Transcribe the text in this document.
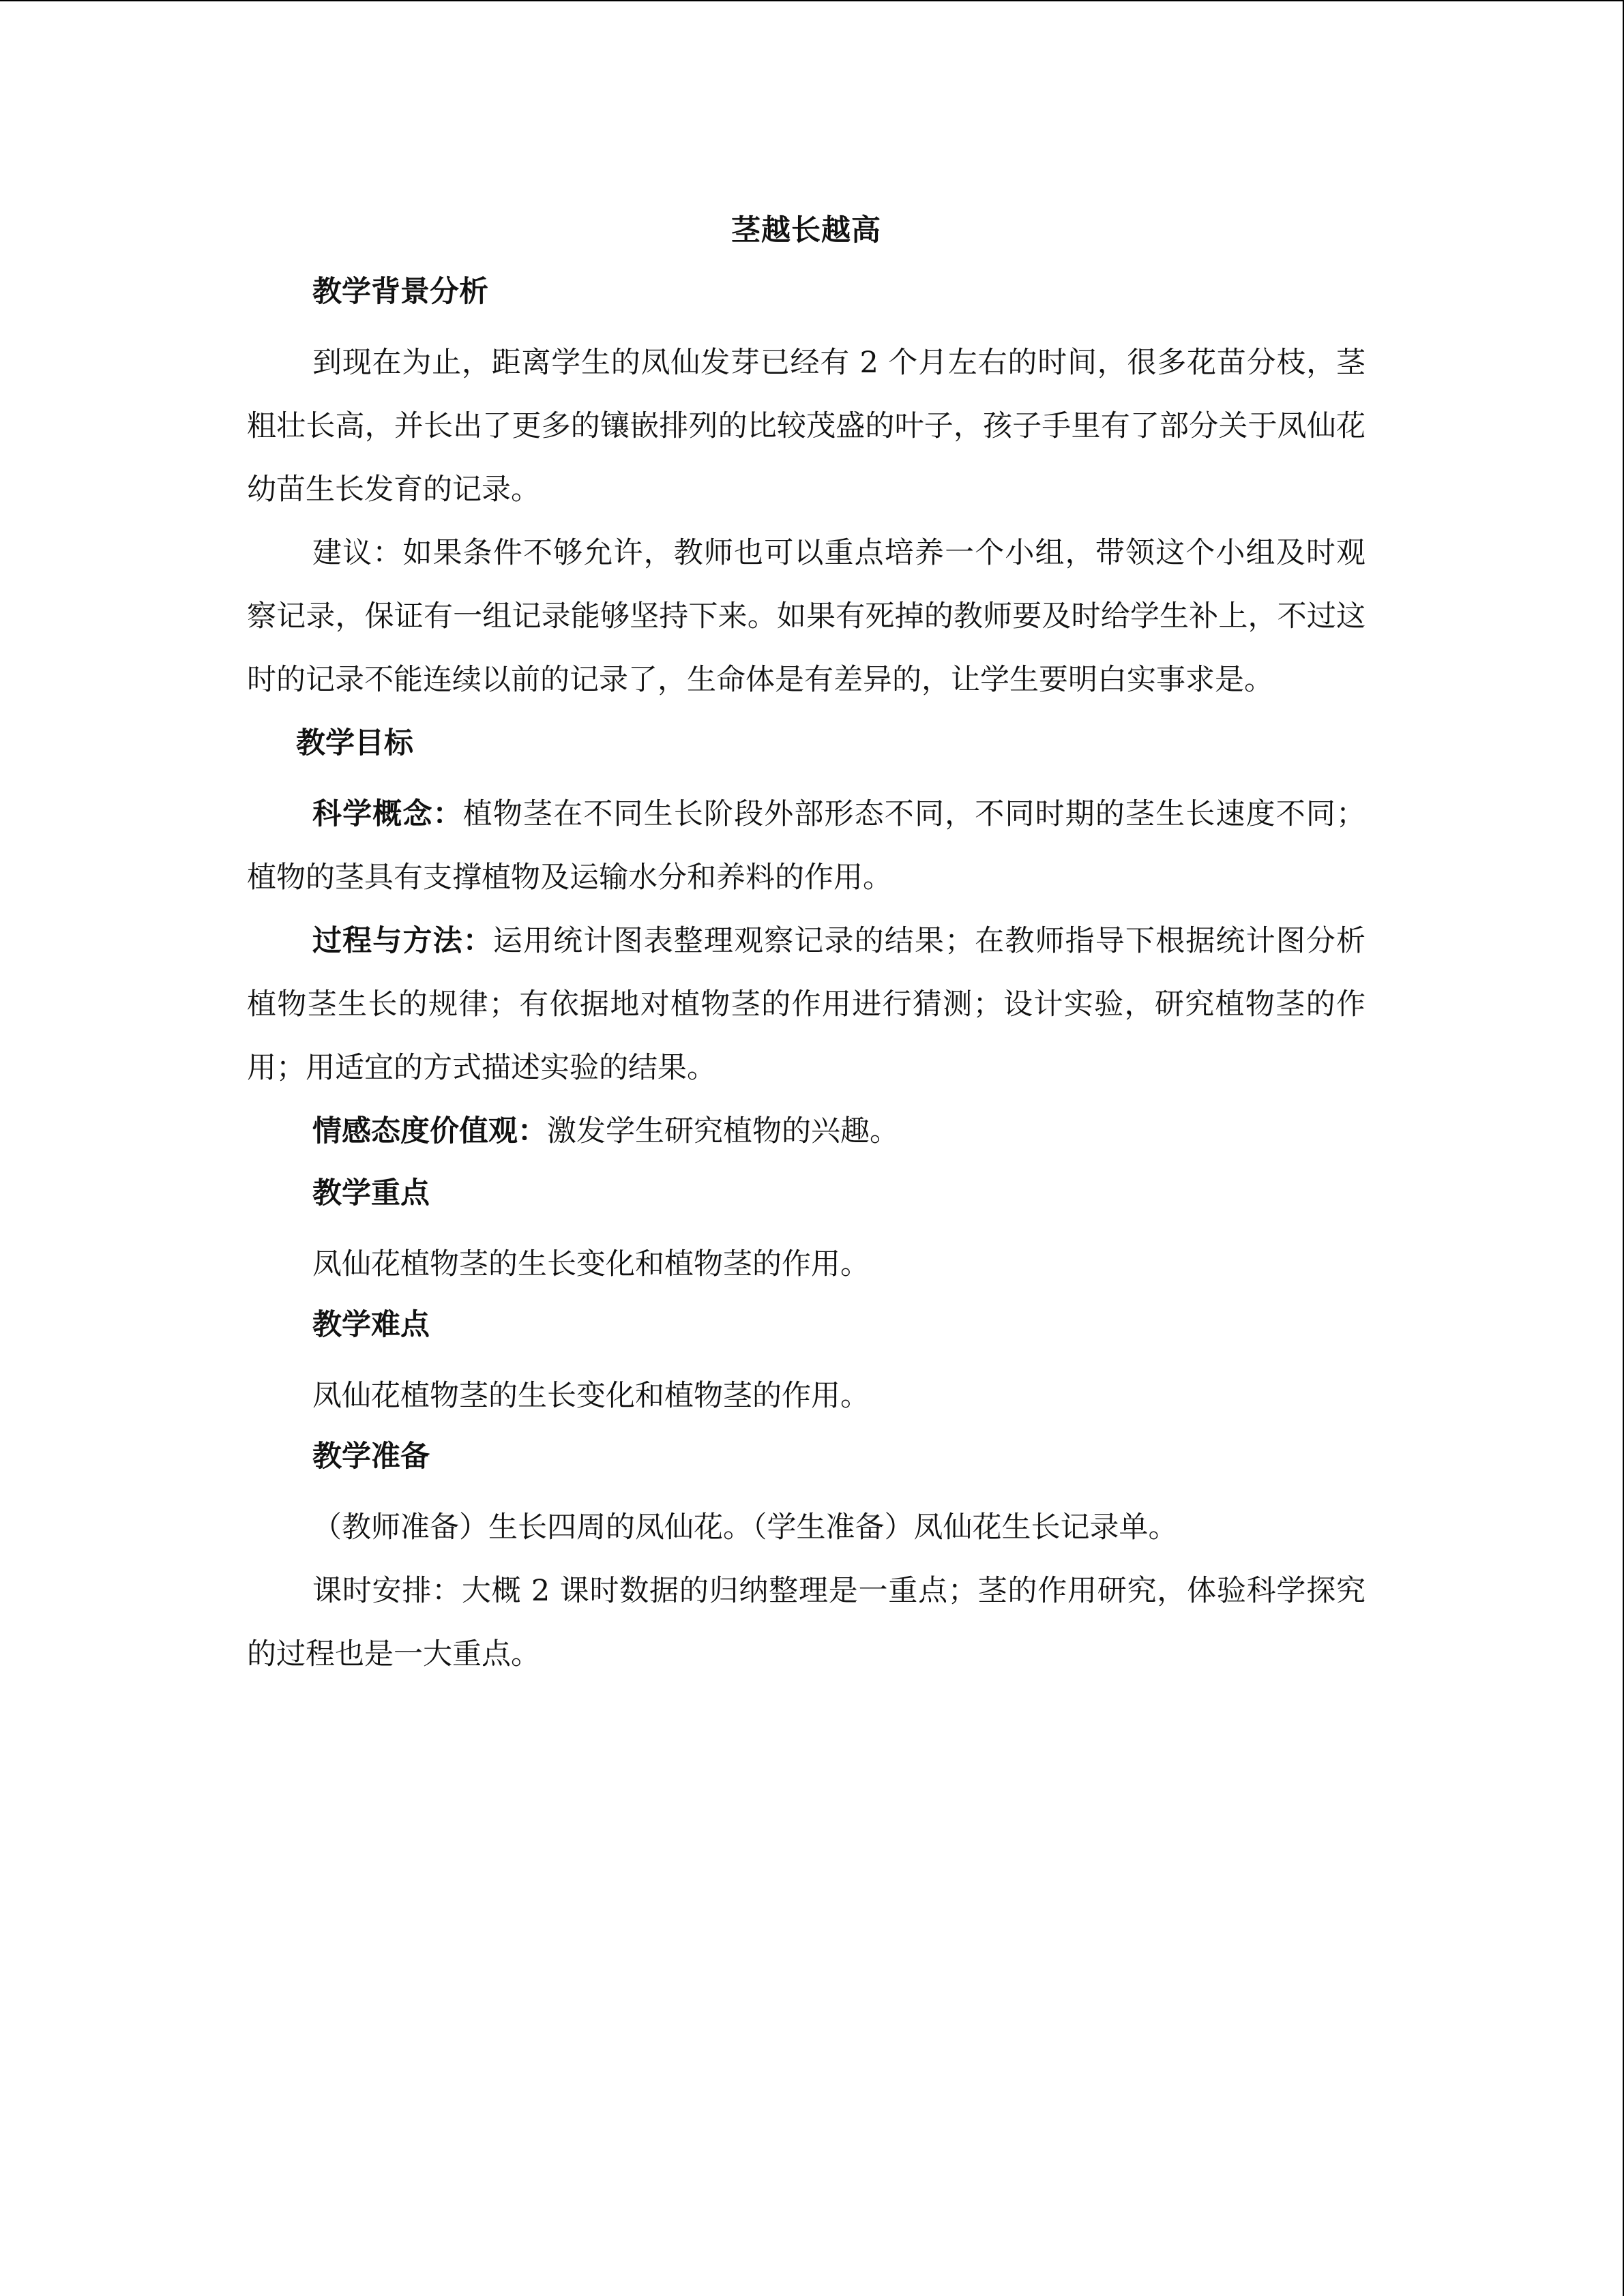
茎越长越高
教学背景分析

到现在为止，距离学生的凤仙发芽已经有 2 个月左右的时间，很多花苗分枝，茎粗壮长高，并长出了更多的镶嵌排列的比较茂盛的叶子，孩子手里有了部分关于凤仙花幼苗生长发育的记录。

建议：如果条件不够允许，教师也可以重点培养一个小组，带领这个小组及时观察记录，保证有一组记录能够坚持下来。如果有死掉的教师要及时给学生补上，不过这时的记录不能连续以前的记录了，生命体是有差异的，让学生要明白实事求是。

教学目标

科学概念：植物茎在不同生长阶段外部形态不同，不同时期的茎生长速度不同；植物的茎具有支撑植物及运输水分和养料的作用。

过程与方法：运用统计图表整理观察记录的结果；在教师指导下根据统计图分析植物茎生长的规律；有依据地对植物茎的作用进行猜测；设计实验，研究植物茎的作用；用适宜的方式描述实验的结果。

情感态度价值观：激发学生研究植物的兴趣。

教学重点

凤仙花植物茎的生长变化和植物茎的作用。

教学难点

凤仙花植物茎的生长变化和植物茎的作用。

教学准备

（教师准备）生长四周的凤仙花。（学生准备）凤仙花生长记录单。

课时安排：大概 2 课时数据的归纳整理是一重点；茎的作用研究，体验科学探究的过程也是一大重点。
